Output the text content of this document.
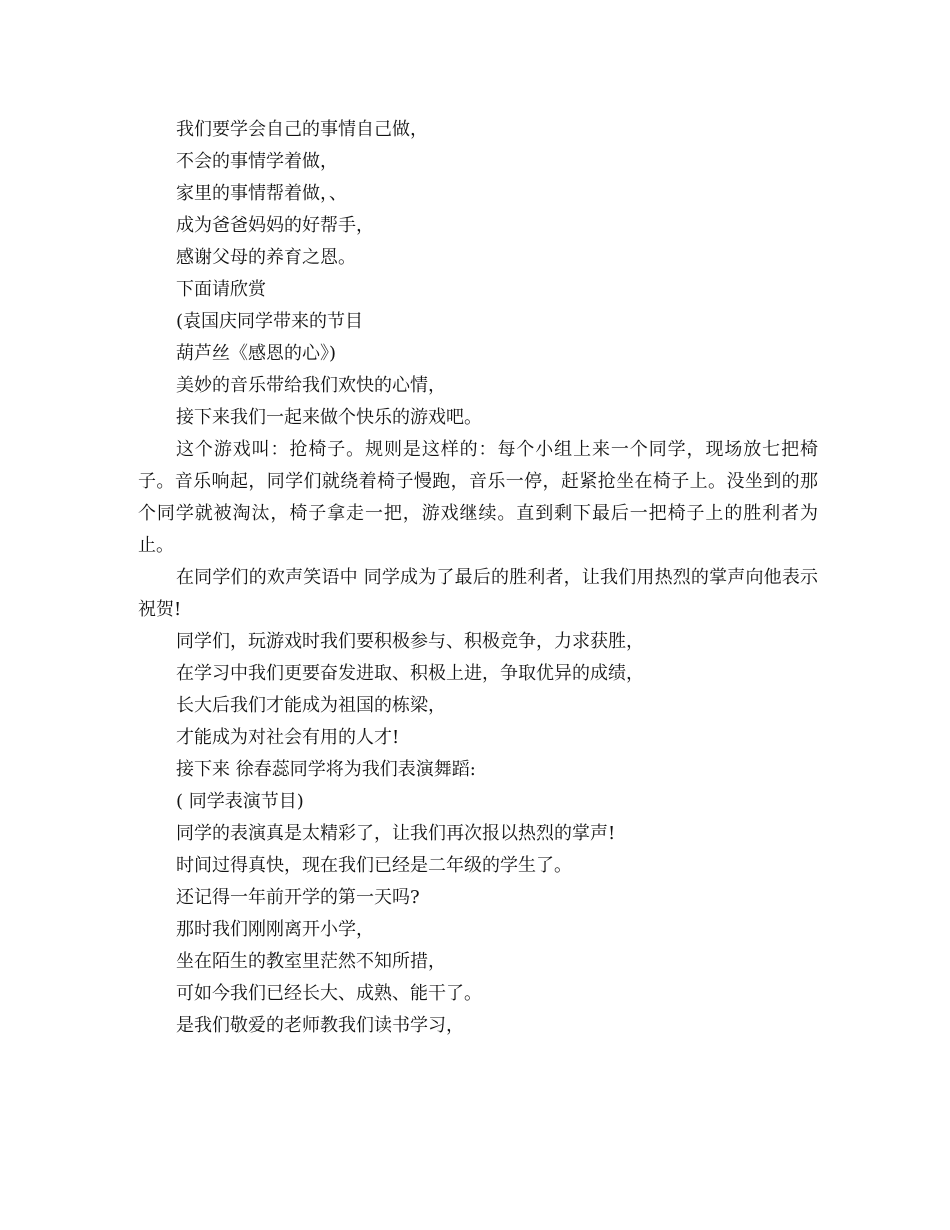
我们要学会自己的事情自己做，

不会的事情学着做，

家里的事情帮着做，、

成为爸爸妈妈的好帮手，

感谢父母的养育之恩。

下面请欣赏

(袁国庆同学带来的节目

葫芦丝《感恩的心》)

美妙的音乐带给我们欢快的心情，

接下来我们一起来做个快乐的游戏吧。

这个游戏叫：抢椅子。规则是这样的：每个小组上来一个同学，现场放七把椅子。音乐响起，同学们就绕着椅子慢跑，音乐一停，赶紧抢坐在椅子上。没坐到的那个同学就被淘汰，椅子拿走一把，游戏继续。直到剩下最后一把椅子上的胜利者为止。

在同学们的欢声笑语中 同学成为了最后的胜利者，让我们用热烈的掌声向他表示祝贺!

同学们，玩游戏时我们要积极参与、积极竞争，力求获胜，

在学习中我们更要奋发进取、积极上进，争取优异的成绩，

长大后我们才能成为祖国的栋梁，

才能成为对社会有用的人才!

接下来 徐春蕊同学将为我们表演舞蹈:

( 同学表演节目)

同学的表演真是太精彩了，让我们再次报以热烈的掌声!

时间过得真快，现在我们已经是二年级的学生了。

还记得一年前开学的第一天吗?

那时我们刚刚离开小学，

坐在陌生的教室里茫然不知所措，

可如今我们已经长大、成熟、能干了。

是我们敬爱的老师教我们读书学习，
